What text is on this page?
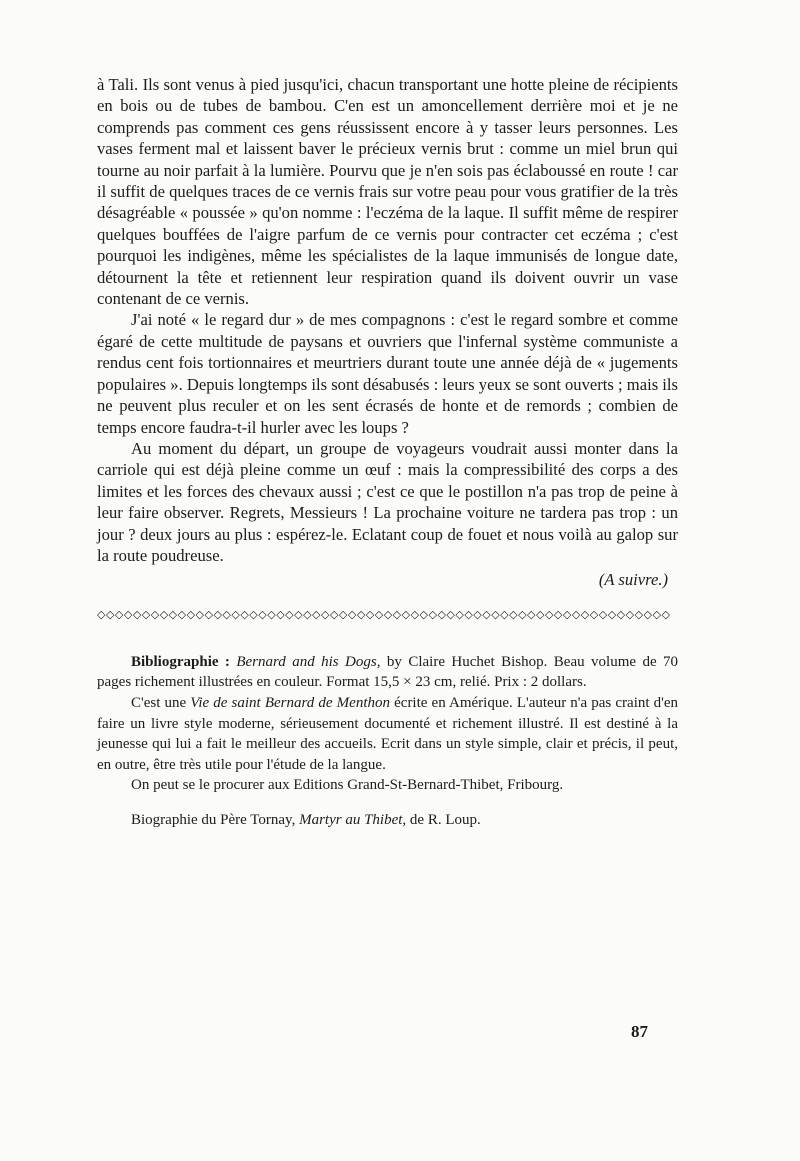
à Tali. Ils sont venus à pied jusqu'ici, chacun transportant une hotte pleine de récipients en bois ou de tubes de bambou. C'en est un amoncellement derrière moi et je ne comprends pas comment ces gens réussissent encore à y tasser leurs personnes. Les vases ferment mal et laissent baver le précieux vernis brut : comme un miel brun qui tourne au noir parfait à la lumière. Pourvu que je n'en sois pas éclaboussé en route ! car il suffit de quelques traces de ce vernis frais sur votre peau pour vous gratifier de la très désagréable « poussée » qu'on nomme : l'eczéma de la laque. Il suffit même de respirer quelques bouffées de l'aigre parfum de ce vernis pour contracter cet eczéma ; c'est pourquoi les indigènes, même les spécialistes de la laque immunisés de longue date, détournent la tête et retiennent leur respiration quand ils doivent ouvrir un vase contenant de ce vernis.

J'ai noté « le regard dur » de mes compagnons : c'est le regard sombre et comme égaré de cette multitude de paysans et ouvriers que l'infernal système communiste a rendus cent fois tortionnaires et meurtriers durant toute une année déjà de « jugements populaires ». Depuis longtemps ils sont désabusés : leurs yeux se sont ouverts ; mais ils ne peuvent plus reculer et on les sent écrasés de honte et de remords ; combien de temps encore faudra-t-il hurler avec les loups ?

Au moment du départ, un groupe de voyageurs voudrait aussi monter dans la carriole qui est déjà pleine comme un œuf : mais la compressibilité des corps a des limites et les forces des chevaux aussi ; c'est ce que le postillon n'a pas trop de peine à leur faire observer. Regrets, Messieurs ! La prochaine voiture ne tardera pas trop : un jour ? deux jours au plus : espérez-le. Eclatant coup de fouet et nous voilà au galop sur la route poudreuse.

(A suivre.)
◇◇◇◇◇◇◇◇◇◇◇◇◇◇◇◇◇◇◇◇◇◇◇◇◇◇◇◇◇◇◇◇◇◇◇◇◇◇◇◇◇◇◇◇◇◇◇◇◇◇◇◇◇◇◇◇◇◇◇◇◇◇◇◇

Bibliographie : Bernard and his Dogs, by Claire Huchet Bishop. Beau volume de 70 pages richement illustrées en couleur. Format 15,5 × 23 cm, relié. Prix : 2 dollars.

C'est une Vie de saint Bernard de Menthon écrite en Amérique. L'auteur n'a pas craint d'en faire un livre style moderne, sérieusement documenté et richement illustré. Il est destiné à la jeunesse qui lui a fait le meilleur des accueils. Ecrit dans un style simple, clair et précis, il peut, en outre, être très utile pour l'étude de la langue.

On peut se le procurer aux Editions Grand-St-Bernard-Thibet, Fribourg.

Biographie du Père Tornay, Martyr au Thibet, de R. Loup.

87
